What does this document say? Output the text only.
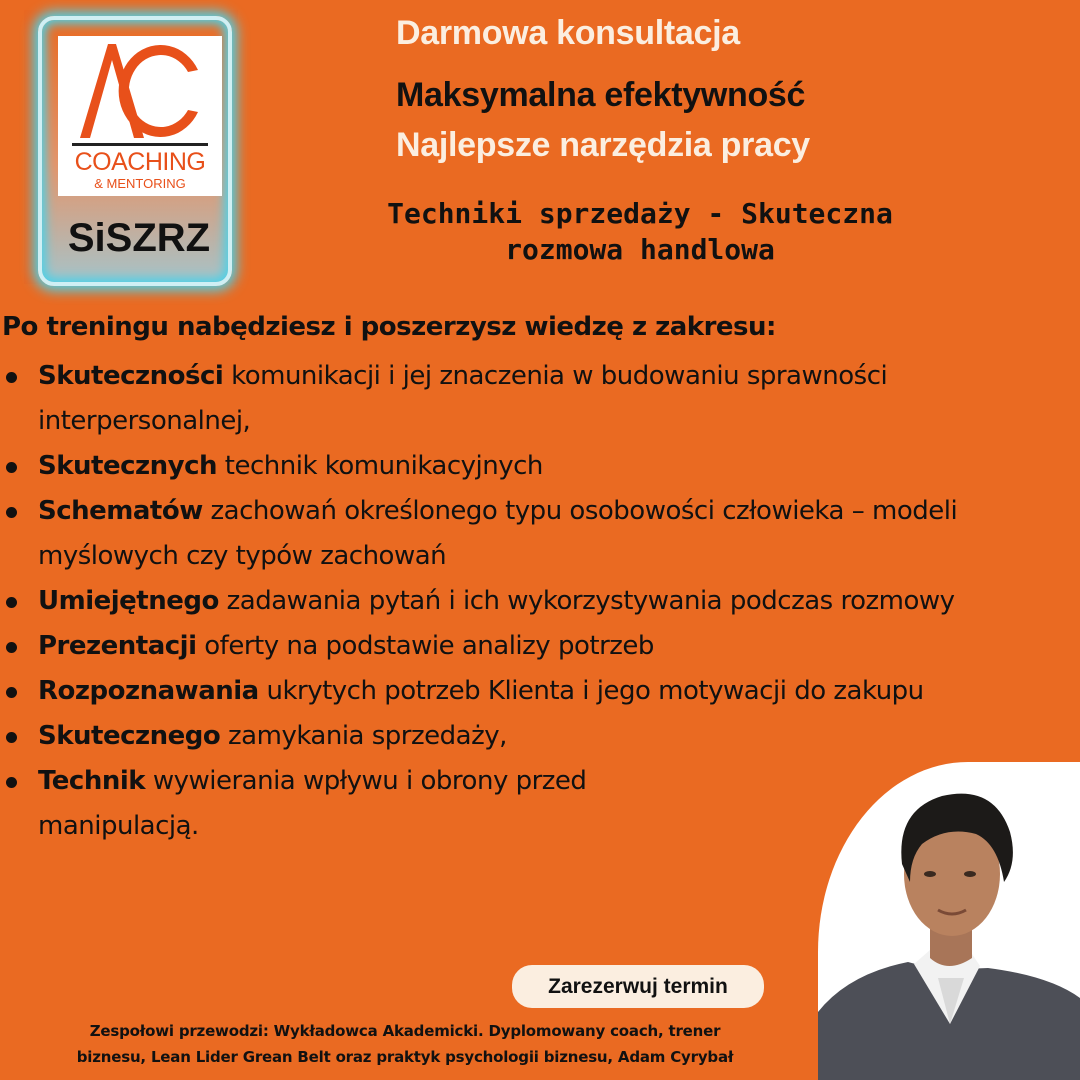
COACHING
& MENTORING
SiSZRZ
Darmowa konsultacja
Maksymalna efektywność
Najlepsze narzędzia pracy
Techniki sprzedaży - Skuteczna
rozmowa handlowa
Po treningu nabędziesz i poszerzysz wiedzę z zakresu:
Skuteczności komunikacji i jej znaczenia w budowaniu sprawności interpersonalnej,
Skutecznych technik komunikacyjnych
Schematów zachowań określonego typu osobowości człowieka – modeli myślowych czy typów zachowań
Umiejętnego zadawania pytań i ich wykorzystywania podczas rozmowy
Prezentacji oferty na podstawie analizy potrzeb
Rozpoznawania ukrytych potrzeb Klienta i jego motywacji do zakupu
Skutecznego zamykania sprzedaży,
Technik wywierania wpływu i obrony przed manipulacją.
Zarezerwuj termin
Zespołowi przewodzi: Wykładowca Akademicki. Dyplomowany coach, trener
biznesu, Lean Lider Grean Belt oraz praktyk psychologii biznesu, Adam Cyrybał
